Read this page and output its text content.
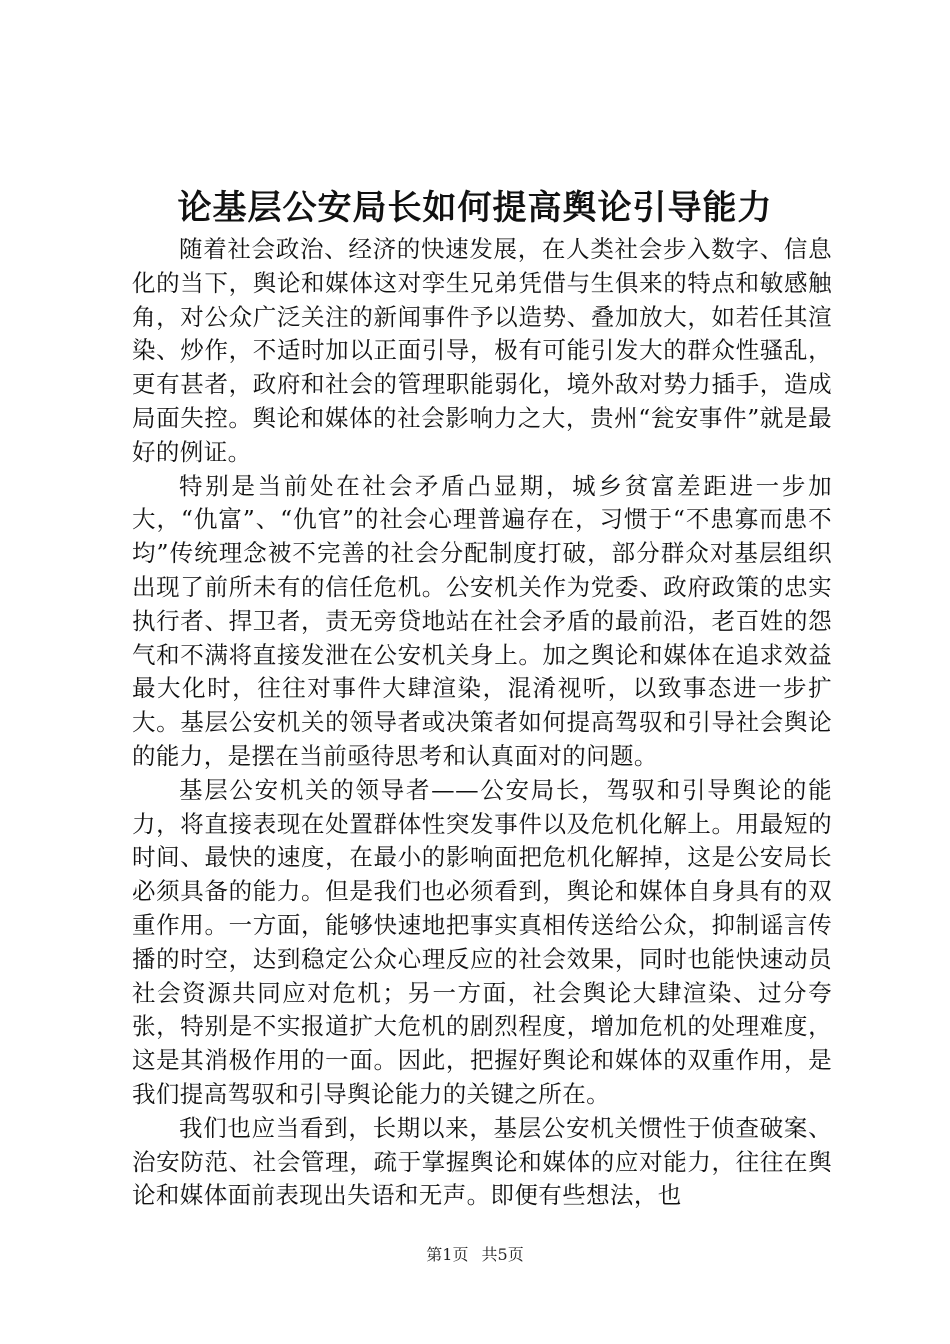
论基层公安局长如何提高舆论引导能力

随着社会政治、经济的快速发展，在人类社会步入数字、信息化的当下，舆论和媒体这对孪生兄弟凭借与生俱来的特点和敏感触角，对公众广泛关注的新闻事件予以造势、叠加放大，如若任其渲染、炒作，不适时加以正面引导，极有可能引发大的群众性骚乱，更有甚者，政府和社会的管理职能弱化，境外敌对势力插手，造成局面失控。舆论和媒体的社会影响力之大，贵州“瓮安事件”就是最好的例证。

特别是当前处在社会矛盾凸显期，城乡贫富差距进一步加大，“仇富”、“仇官”的社会心理普遍存在，习惯于“不患寡而患不均”传统理念被不完善的社会分配制度打破，部分群众对基层组织出现了前所未有的信任危机。公安机关作为党委、政府政策的忠实执行者、捍卫者，责无旁贷地站在社会矛盾的最前沿，老百姓的怨气和不满将直接发泄在公安机关身上。加之舆论和媒体在追求效益最大化时，往往对事件大肆渲染，混淆视听，以致事态进一步扩大。基层公安机关的领导者或决策者如何提高驾驭和引导社会舆论的能力，是摆在当前亟待思考和认真面对的问题。

基层公安机关的领导者——公安局长，驾驭和引导舆论的能力，将直接表现在处置群体性突发事件以及危机化解上。用最短的时间、最快的速度，在最小的影响面把危机化解掉，这是公安局长必须具备的能力。但是我们也必须看到，舆论和媒体自身具有的双重作用。一方面，能够快速地把事实真相传送给公众，抑制谣言传播的时空，达到稳定公众心理反应的社会效果，同时也能快速动员社会资源共同应对危机；另一方面，社会舆论大肆渲染、过分夸张，特别是不实报道扩大危机的剧烈程度，增加危机的处理难度，这是其消极作用的一面。因此，把握好舆论和媒体的双重作用，是我们提高驾驭和引导舆论能力的关键之所在。

我们也应当看到，长期以来，基层公安机关惯性于侦查破案、治安防范、社会管理，疏于掌握舆论和媒体的应对能力，往往在舆论和媒体面前表现出失语和无声。即便有些想法，也

第1页 共5页
